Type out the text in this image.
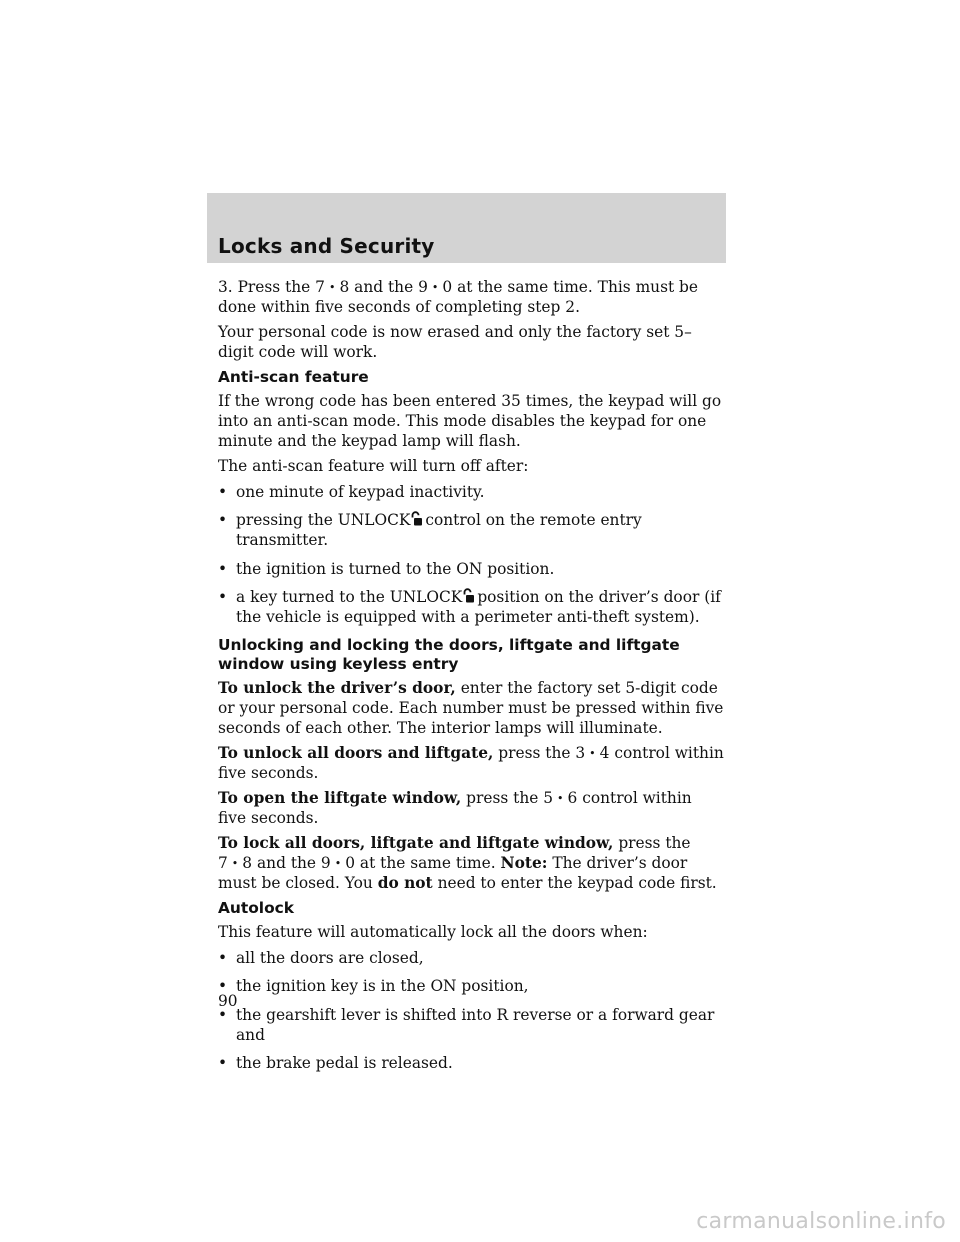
Locks and Security

3. Press the 7 • 8 and the 9 • 0 at the same time. This must be done within five seconds of completing step 2.

Your personal code is now erased and only the factory set 5–digit code will work.

Anti-scan feature

If the wrong code has been entered 35 times, the keypad will go into an anti-scan mode. This mode disables the keypad for one minute and the keypad lamp will flash.

The anti-scan feature will turn off after:

• one minute of keypad inactivity.
• pressing the UNLOCK control on the remote entry transmitter.
• the ignition is turned to the ON position.
• a key turned to the UNLOCK position on the driver’s door (if the vehicle is equipped with a perimeter anti-theft system).
Unlocking and locking the doors, liftgate and liftgate window using keyless entry

To unlock the driver’s door, enter the factory set 5-digit code or your personal code. Each number must be pressed within five seconds of each other. The interior lamps will illuminate.

To unlock all doors and liftgate, press the 3 • 4 control within five seconds.

To open the liftgate window, press the 5 • 6 control within five seconds.

To lock all doors, liftgate and liftgate window, press the 7 • 8 and the 9 • 0 at the same time. Note: The driver’s door must be closed. You do not need to enter the keypad code first.

Autolock

This feature will automatically lock all the doors when:

• all the doors are closed,
• the ignition key is in the ON position,
• the gearshift lever is shifted into R reverse or a forward gear and
• the brake pedal is released.

90

carmanualsonline.info
